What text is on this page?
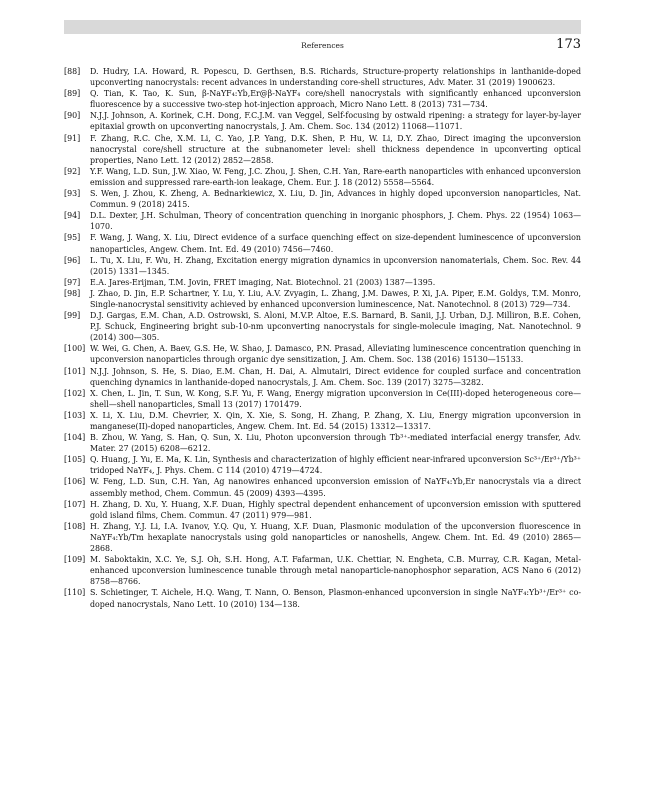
References	173
[88]	D. Hudry, I.A. Howard, R. Popescu, D. Gerthsen, B.S. Richards, Structure-property relationships in lanthanide-doped upconverting nanocrystals: recent advances in understanding core-shell structures, Adv. Mater. 31 (2019) 1900623.
[89]	Q. Tian, K. Tao, K. Sun, β-NaYF₄:Yb,Er@β-NaYF₄ core/shell nanocrystals with significantly enhanced upconversion fluorescence by a successive two-step hot-injection approach, Micro Nano Lett. 8 (2013) 731—734.
[90]	N.J.J. Johnson, A. Korinek, C.H. Dong, F.C.J.M. van Veggel, Self-focusing by ostwald ripening: a strategy for layer-by-layer epitaxial growth on upconverting nanocrystals, J. Am. Chem. Soc. 134 (2012) 11068—11071.
[91]	F. Zhang, R.C. Che, X.M. Li, C. Yao, J.P. Yang, D.K. Shen, P. Hu, W. Li, D.Y. Zhao, Direct imaging the upconversion nanocrystal core/shell structure at the subnanometer level: shell thickness dependence in upconverting optical properties, Nano Lett. 12 (2012) 2852—2858.
[92]	Y.F. Wang, L.D. Sun, J.W. Xiao, W. Feng, J.C. Zhou, J. Shen, C.H. Yan, Rare-earth nanoparticles with enhanced upconversion emission and suppressed rare-earth-ion leakage, Chem. Eur. J. 18 (2012) 5558—5564.
[93]	S. Wen, J. Zhou, K. Zheng, A. Bednarkiewicz, X. Liu, D. Jin, Advances in highly doped upconversion nanoparticles, Nat. Commun. 9 (2018) 2415.
[94]	D.L. Dexter, J.H. Schulman, Theory of concentration quenching in inorganic phosphors, J. Chem. Phys. 22 (1954) 1063—1070.
[95]	F. Wang, J. Wang, X. Liu, Direct evidence of a surface quenching effect on size-dependent luminescence of upconversion nanoparticles, Angew. Chem. Int. Ed. 49 (2010) 7456—7460.
[96]	L. Tu, X. Liu, F. Wu, H. Zhang, Excitation energy migration dynamics in upconversion nanomaterials, Chem. Soc. Rev. 44 (2015) 1331—1345.
[97]	E.A. Jares-Erijman, T.M. Jovin, FRET imaging, Nat. Biotechnol. 21 (2003) 1387—1395.
[98]	J. Zhao, D. Jin, E.P. Schartner, Y. Lu, Y. Liu, A.V. Zvyagin, L. Zhang, J.M. Dawes, P. Xi, J.A. Piper, E.M. Goldys, T.M. Monro, Single-nanocrystal sensitivity achieved by enhanced upconversion luminescence, Nat. Nanotechnol. 8 (2013) 729—734.
[99]	D.J. Gargas, E.M. Chan, A.D. Ostrowski, S. Aloni, M.V.P. Altoe, E.S. Barnard, B. Sanii, J.J. Urban, D.J. Milliron, B.E. Cohen, P.J. Schuck, Engineering bright sub-10-nm upconverting nanocrystals for single-molecule imaging, Nat. Nanotechnol. 9 (2014) 300—305.
[100] W. Wei, G. Chen, A. Baev, G.S. He, W. Shao, J. Damasco, P.N. Prasad, Alleviating luminescence concentration quenching in upconversion nanoparticles through organic dye sensitization, J. Am. Chem. Soc. 138 (2016) 15130—15133.
[101] N.J.J. Johnson, S. He, S. Diao, E.M. Chan, H. Dai, A. Almutairi, Direct evidence for coupled surface and concentration quenching dynamics in lanthanide-doped nanocrystals, J. Am. Chem. Soc. 139 (2017) 3275—3282.
[102] X. Chen, L. Jin, T. Sun, W. Kong, S.F. Yu, F. Wang, Energy migration upconversion in Ce(III)-doped heterogeneous core—shell—shell nanoparticles, Small 13 (2017) 1701479.
[103] X. Li, X. Liu, D.M. Chevrier, X. Qin, X. Xie, S. Song, H. Zhang, P. Zhang, X. Liu, Energy migration upconversion in manganese(II)-doped nanoparticles, Angew. Chem. Int. Ed. 54 (2015) 13312—13317.
[104] B. Zhou, W. Yang, S. Han, Q. Sun, X. Liu, Photon upconversion through Tb³⁺-mediated interfacial energy transfer, Adv. Mater. 27 (2015) 6208—6212.
[105] Q. Huang, J. Yu, E. Ma, K. Lin, Synthesis and characterization of highly efficient near-infrared upconversion Sc³⁺/Er³⁺/Yb³⁺ tridoped NaYF₄, J. Phys. Chem. C 114 (2010) 4719—4724.
[106] W. Feng, L.D. Sun, C.H. Yan, Ag nanowires enhanced upconversion emission of NaYF₄:Yb,Er nanocrystals via a direct assembly method, Chem. Commun. 45 (2009) 4393—4395.
[107] H. Zhang, D. Xu, Y. Huang, X.F. Duan, Highly spectral dependent enhancement of upconversion emission with sputtered gold island films, Chem. Commun. 47 (2011) 979—981.
[108] H. Zhang, Y.J. Li, I.A. Ivanov, Y.Q. Qu, Y. Huang, X.F. Duan, Plasmonic modulation of the upconversion fluorescence in NaYF₄:Yb/Tm hexaplate nanocrystals using gold nanoparticles or nanoshells, Angew. Chem. Int. Ed. 49 (2010) 2865—2868.
[109] M. Saboktakin, X.C. Ye, S.J. Oh, S.H. Hong, A.T. Fafarman, U.K. Chettiar, N. Engheta, C.B. Murray, C.R. Kagan, Metal-enhanced upconversion luminescence tunable through metal nanoparticle-nanophosphor separation, ACS Nano 6 (2012) 8758—8766.
[110] S. Schietinger, T. Aichele, H.Q. Wang, T. Nann, O. Benson, Plasmon-enhanced upconversion in single NaYF₄:Yb³⁺/Er³⁺ co-doped nanocrystals, Nano Lett. 10 (2010) 134—138.
